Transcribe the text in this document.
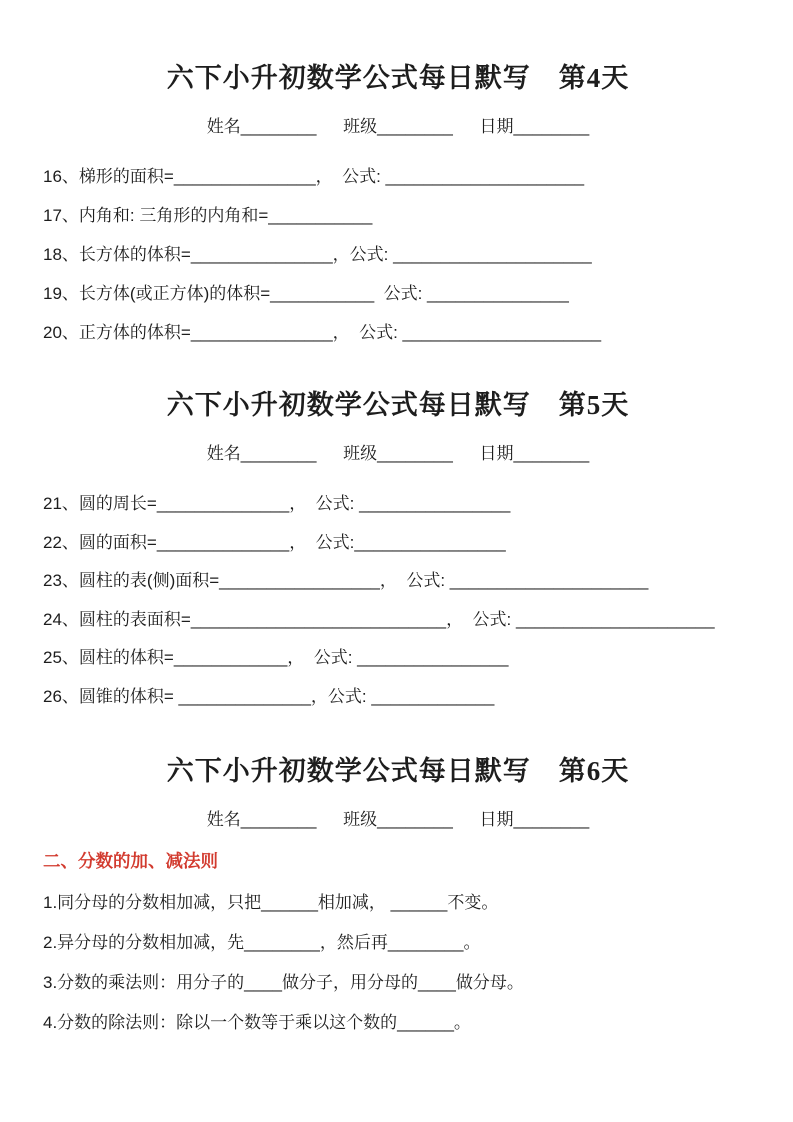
六下小升初数学公式每日默写　第4天
姓名________ 班级________ 日期________
16、梯形的面积=_______________，  公式: _____________________
17、内角和: 三角形的内角和=___________
18、长方体的体积=_______________，公式: _____________________
19、长方体(或正方体)的体积=___________  公式: _______________
20、正方体的体积=_______________，  公式: _____________________
六下小升初数学公式每日默写　第5天
姓名________ 班级________ 日期________
21、圆的周长=______________，  公式: ________________
22、圆的面积=______________，  公式:________________
23、圆柱的表(侧)面积=_________________，  公式: _____________________
24、圆柱的表面积=___________________________，  公式: _____________________
25、圆柱的体积=____________，  公式: ________________
26、圆锥的体积= ______________，公式: _____________
六下小升初数学公式每日默写　第6天
姓名________ 班级________ 日期________
二、分数的加、减法则
1.同分母的分数相加减，只把______相加减， ______不变。
2.异分母的分数相加减，先________，然后再________。
3.分数的乘法则：用分子的____做分子，用分母的____做分母。
4.分数的除法则：除以一个数等于乘以这个数的______。
